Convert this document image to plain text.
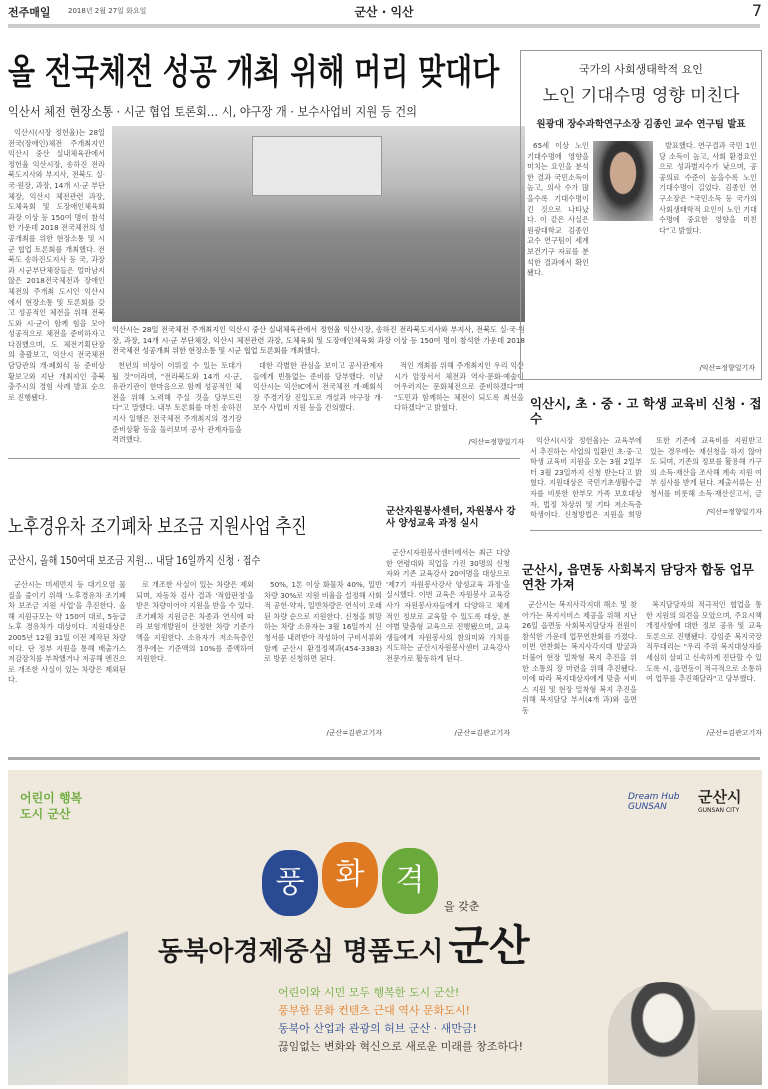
전주매일 2018년 2월 27일 화요일	군산 · 익산	7
올 전국체전 성공 개최 위해 머리 맞대다
익산서 체전 현장소통 · 시군 협업 토론회… 시, 야구장 개 · 보수사업비 지원 등 건의

익산시(시장 정헌율)는 28일 전국(장애인)체전 주개최지인 익산시 중산 실내체육관에서 정헌율 익산시장, 송하진 전라북도지사와 부지사, 전북도 실·국·원장, 과장, 14개 시·군 부단체장, 익산시 체전관련 과장, 도체육회 및 도장애인체육회 과장 이상 등 150여 명이 참석한 가운데 2018 전국체전의 성공개최를 위한 현장소통 및 시군 협업 토론회를 개최했다. 전북도 송하진도지사 등 국, 과장과 시군부단체장들은 얼마남지 않은 2018전국체전과 장애인체전의 주개최 도시인 익산시에서 현장소통 및 토론회를 갖고 성공적인 체전을 위해 전북도와 시·군이 함께 힘을 모아 성공적으로 체전을 준비하자고 다짐했으며, 도 체전기획단장의 총괄보고, 익산시 전국체전담당관의 개·폐회식 등 준비상황보고와 지난 개최지인 충북 충주시의 경험 사례 발표 순으로 진행됐다.

익산시는 28일 전국체전 주개최지인 익산시 중산 실내체육관에서 정헌율 익산시장, 송하진 전라북도지사와 부지사, 전북도 실·국·원장, 과장, 14개 시·군 부단체장, 익산시 체전관련 과장, 도체육회 및 도장애인체육회 과장 이상 등 150여 명이 참석한 가운데 2018 전국체전 성공개최 위한 현장소통 및 시군 협업 토론회를 개최했다.

천년의 비상이 이뤄질 수 있는 토대가 될 것"이라며, "전라북도와 14개 시·군, 유관기관이 한마음으로 함께 성공적인 체전을 위해 노력해 주실 것을 당부드린다"고 말했다. 내부 토론회를 마친 송하진 지사 일행은 전국체전 주개최지의 경기장 준비상황 등을 둘러보며 공사 관계자들을 격려했다.

대한 각별한 관심을 보이고 공사관계자들에게 빈틈없는 준비를 당부했다. 이날 익산시는 익산IC에서 전국체전 개·폐회식장 주경기장 진입도로 개설과 야구장 개·보수 사업비 지원 등을 건의했다.

적인 개최를 위해 주개최지인 우리 익산시가 앞장서서 체전과 역사·문화·예술이 어우러지는 문화체전으로 준비하겠다"며 "도민과 함께하는 체전이 되도록 최선을 다하겠다"고 밝혔다.

/익산=정향일기자
국가의 사회생태학적 요인
노인 기대수명 영향 미친다
원광대 장수과학연구소장 김종인 교수 연구팀 발표

65세 이상 노인 기대수명에 영향을 미치는 요인을 분석한 결과 국민소득이 높고, 의사 수가 많을수록 기대수명이 긴 것으로 나타났다. 이 같은 사실은 원광대학교 김종인 교수 연구팀이 세계보건기구 자료를 분석한 결과에서 확인됐다.

발표했다. 연구결과 국민 1인당 소득이 높고, 사회 환경요인으로 성과별지수가 낮으며, 공공의료 수준이 높을수록 노인 기대수명이 길었다. 김종인 연구소장은 "국민소득 등 국가의 사회생태학적 요인이 노인 기대수명에 중요한 영향을 미친다"고 밝혔다.

/익산=정향일기자
익산시, 초 · 중 · 고 학생 교육비 신청 · 접수

익산시(시장 정헌율)는 교육부에서 추진하는 사업의 일환인 초·중·고 학생 교육비 지원을 오는 3월 2일부터 3월 23일까지 신청 받는다고 밝혔다. 지원대상은 국민기초생활수급자를 비롯한 한부모 가족 보호대상자, 법정 차상위 및 기타 저소득층 학생이다. 신청방법은 지원을 희망

또한 기존에 교육비를 지원받고 있는 경우에는 재신청을 하지 않아도 되며, 기존의 정보를 활용해 가구의 소득·재산을 조사해 계속 지원 여부 심사를 받게 된다. 제출서류는 신청서를 비롯해 소득·재산신고서, 금

/익산=정향일기자
노후경유차 조기폐차 보조금 지원사업 추진
군산시, 올해 150여대 보조금 지원… 내달 16일까지 신청 · 접수

군산시는 미세먼지 등 대기오염 물질을 줄이기 위해 '노후경유차 조기폐차 보조금 지원 사업'을 추진한다. 올해 지원규모는 약 150여 대로, 5등급 노후 경유차가 대상이다. 지원대상은 2005년 12월 31일 이전 제작된 차량이다. 단 정부 지원을 통해 배출가스 저감장치를 부착했거나 저공해 엔진으로 개조한 사실이 있는 차량은 제외된다.

로 개조한 사실이 있는 차량은 제외되며, 자동차 검사 결과 '적합판정'을 받은 차량이어야 지원을 받을 수 있다. 조기폐차 지원금은 차종과 연식에 따라 보험개발원이 산정한 차량 기준가액을 지원한다. 소유자가 저소득층인 경우에는 기준액의 10%를 증액하여 지원한다.

50%, 1톤 이상 화물차 40%, 일반차량 30%로 지원 비율을 설정해 사회적 공헌·약자, 일반차량은 연식이 오래된 차량 순으로 지원한다. 신청을 희망하는 차량 소유자는 3월 16일까지 신청서를 내려받아 작성하여 구비서류와 함께 군산시 환경정책과(454-3383)로 방문 신청하면 된다.

/군산=김관고기자
군산자원봉사센터, 자원봉사 강사 양성교육 과정 실시

군산시자원봉사센터에서는 최근 다양한 연령대와 직업을 가진 30명의 신청자와 기존 교육강사 20여명을 대상으로 '제7기 자원봉사강사 양성교육 과정'을 실시했다. 이번 교육은 자원봉사 교육강사가 자원봉사자들에게 다양하고 체계적인 정보로 교육할 수 있도록 대상, 분야별 맞춤형 교육으로 진행됐으며, 교육생들에게 자원봉사의 참의미와 가치를 지도하는 군산시자원봉사센터 교육강사 전문가로 활동하게 된다.

/군산=김관고기자
군산시, 읍면동 사회복지 담당자 합동 업무연찬 가져

군산시는 복지사각지대 해소 및 찾아가는 복지서비스 제공을 위해 지난 26일 읍면동 사회복지담당자 전원이 참석한 가운데 업무연찬회를 가졌다. 이번 연찬회는 복지사각지대 발굴과 더불어 현장 밀착형 복지 추진을 위한 소통의 장 마련을 위해 추진됐다. 이에 따라 복지대상자에게 맞춤 서비스 지원 및 현장 밀착형 복지 추진을 위해 복지담당 부서(4개 과)와 읍면동

복지담당자의 적극적인 협업을 통한 지원의 의견을 모았으며, 주요시책 개정사항에 대한 정보 공유 및 교육 토론으로 진행됐다. 강임준 복지국장직무대리는 "우리 주위 복지대상자를 세심히 살피고 신속하게 진단할 수 있도록 시, 읍면동이 적극적으로 소통하여 업무를 추진해달라"고 당부했다.

/군산=김관고기자
어린이 행복도시 군산
Dream Hub GUNSAN
군산시
GUNSAN CITY
풍	화	격
을 갖춘
동북아경제중심 명품도시 군산
어린이와 시민 모두 행복한 도시 군산!
풍부한 문화 컨텐츠 근대 역사 문화도시!
동북아 산업과 관광의 허브 군산 · 새만금!
끊임없는 변화와 혁신으로 새로운 미래를 창조하다!
